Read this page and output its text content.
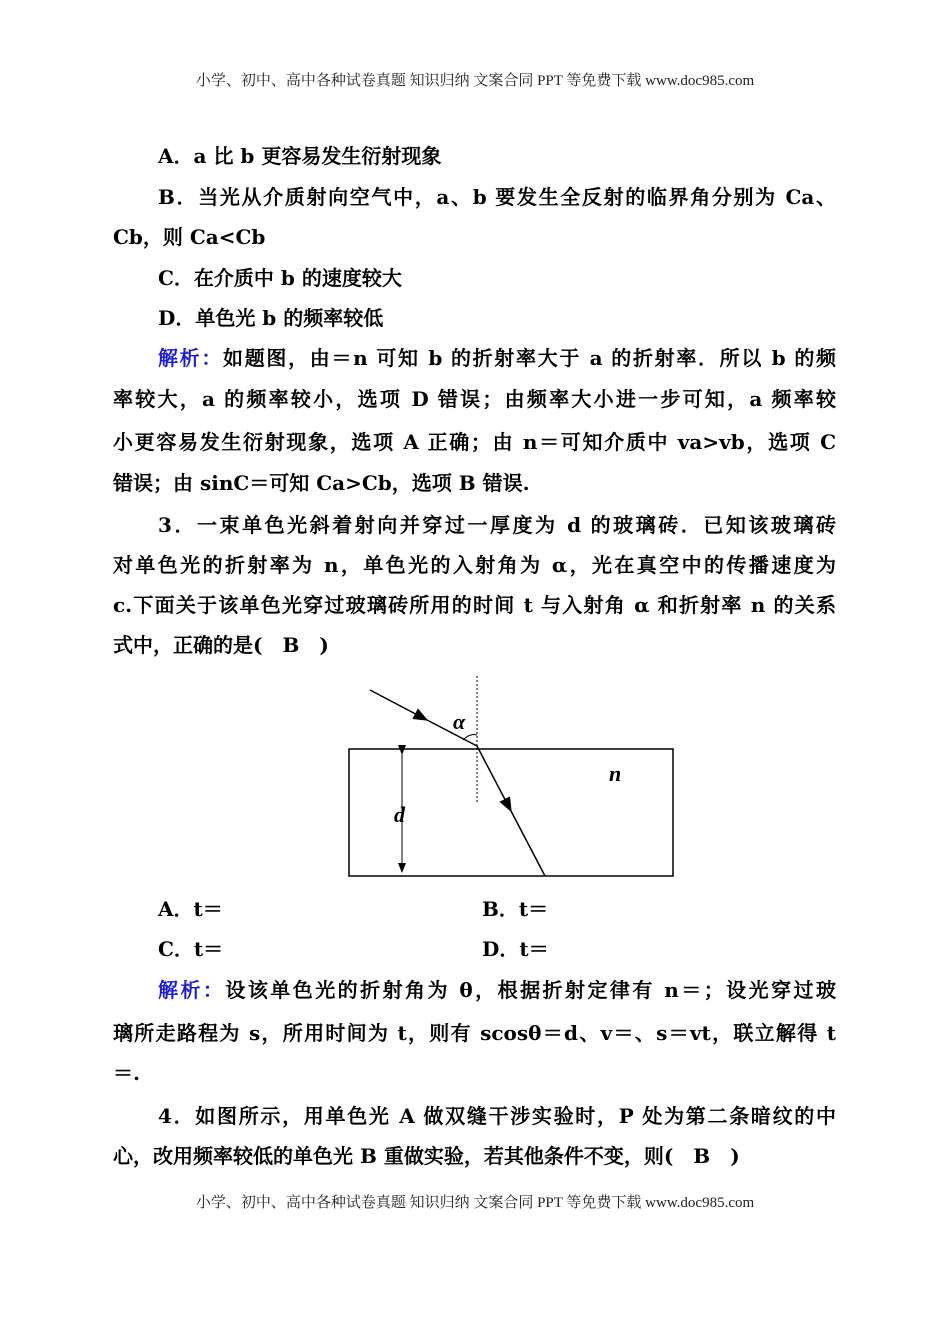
小学、初中、高中各种试卷真题 知识归纳 文案合同 PPT 等免费下载 www.doc985.com
A．a 比 b 更容易发生衍射现象
B．当光从介质射向空气中，a、b 要发生全反射的临界角分别为 Ca、
Cb，则 Ca<Cb
C．在介质中 b 的速度较大
D．单色光 b 的频率较低
解析：如题图，由＝n 可知 b 的折射率大于 a 的折射率．所以 b 的频
率较大，a 的频率较小，选项 D 错误；由频率大小进一步可知，a 频率较
小更容易发生衍射现象，选项 A 正确；由 n＝可知介质中 va>vb，选项 C
错误；由 sinC＝可知 Ca>Cb，选项 B 错误.
3．一束单色光斜着射向并穿过一厚度为 d 的玻璃砖．已知该玻璃砖
对单色光的折射率为 n，单色光的入射角为 α，光在真空中的传播速度为
c.下面关于该单色光穿过玻璃砖所用的时间 t 与入射角 α 和折射率 n 的关系
式中，正确的是(　B　)
α
n
d
A．t＝	B．t＝
C．t＝	D．t＝
解析：设该单色光的折射角为 θ，根据折射定律有 n＝；设光穿过玻
璃所走路程为 s，所用时间为 t，则有 scosθ＝d、v＝、s＝vt，联立解得 t
＝.
4．如图所示，用单色光 A 做双缝干涉实验时，P 处为第二条暗纹的中
心，改用频率较低的单色光 B 重做实验，若其他条件不变，则(　B　)
小学、初中、高中各种试卷真题 知识归纳 文案合同 PPT 等免费下载 www.doc985.com
